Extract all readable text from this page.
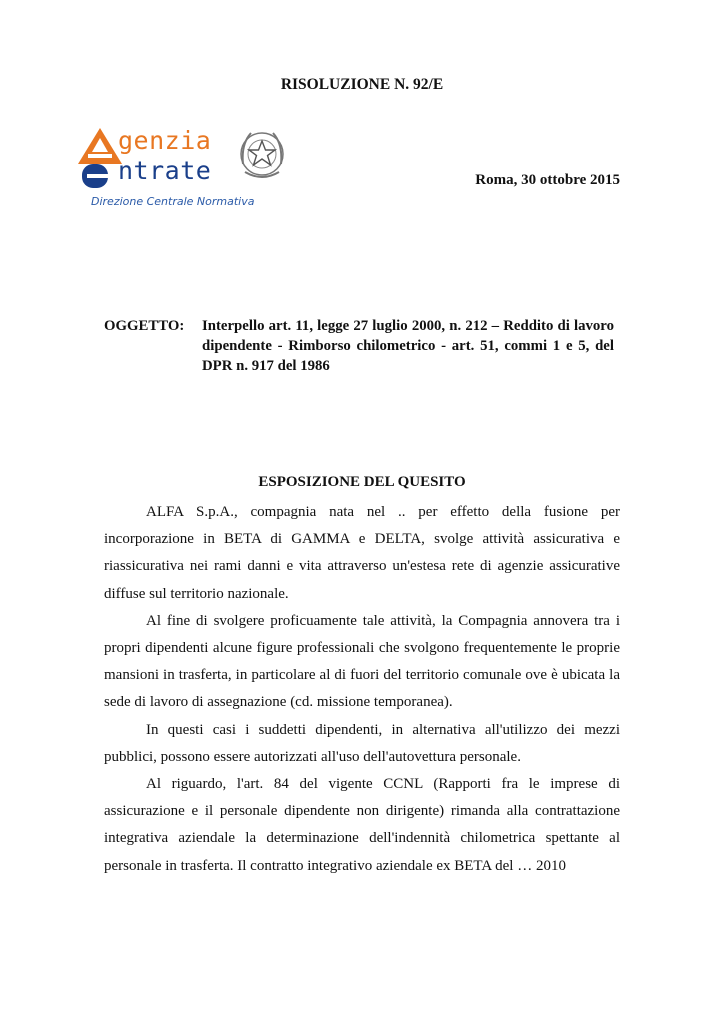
RISOLUZIONE N. 92/E
genzia
ntrate
Direzione Centrale Normativa
Roma, 30 ottobre 2015
OGGETTO: Interpello art. 11, legge 27 luglio 2000, n. 212 – Reddito di lavoro dipendente - Rimborso chilometrico - art. 51, commi 1 e 5, del DPR n. 917 del 1986
ESPOSIZIONE DEL QUESITO

ALFA S.p.A., compagnia nata nel .. per effetto della fusione per incorporazione in BETA di GAMMA e DELTA, svolge attività assicurativa e riassicurativa nei rami danni e vita attraverso un'estesa rete di agenzie assicurative diffuse sul territorio nazionale.

Al fine di svolgere proficuamente tale attività, la Compagnia annovera tra i propri dipendenti alcune figure professionali che svolgono frequentemente le proprie mansioni in trasferta, in particolare al di fuori del territorio comunale ove è ubicata la sede di lavoro di assegnazione (cd. missione temporanea).

In questi casi i suddetti dipendenti, in alternativa all'utilizzo dei mezzi pubblici, possono essere autorizzati all'uso dell'autovettura personale.

Al riguardo, l'art. 84 del vigente CCNL (Rapporti fra le imprese di assicurazione e il personale dipendente non dirigente) rimanda alla contrattazione integrativa aziendale la determinazione dell'indennità chilometrica spettante al personale in trasferta. Il contratto integrativo aziendale ex BETA del … 2010
